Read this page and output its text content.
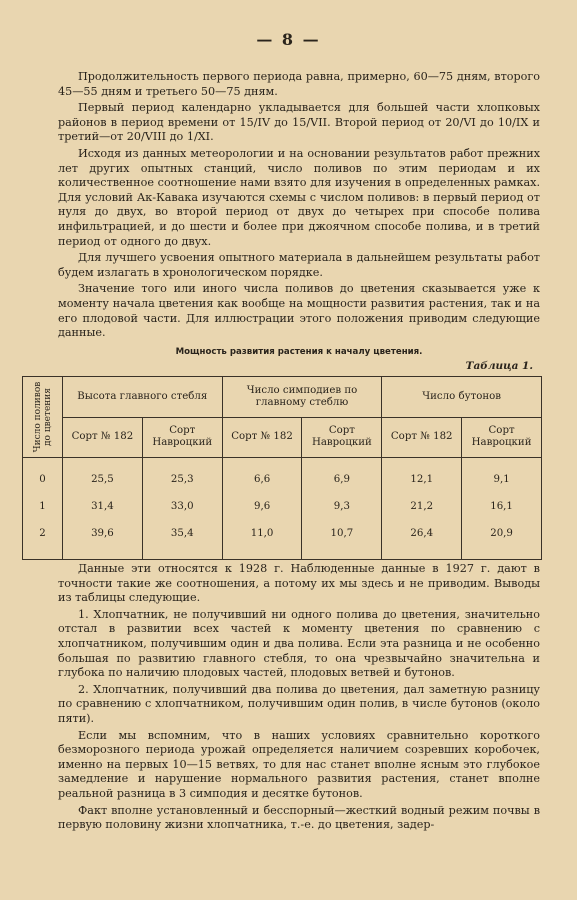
— 8 —

Продолжительность первого периода равна, примерно, 60—75 дням, второго 45—55 дням и третьего 50—75 дням.

Первый период календарно укладывается для большей части хлопковых районов в период времени от 15/IV до 15/VII. Второй период от 20/VI до 10/IX и третий—от 20/VIII до 1/XI.

Исходя из данных метеорологии и на основании результатов работ прежних лет других опытных станций, число поливов по этим периодам и их количественное соотношение нами взято для изучения в определенных рамках. Для условий Ак-Кавака изучаются схемы с числом поливов: в первый период от нуля до двух, во второй период от двух до четырех при способе полива инфильтрацией, и до шести и более при джоячном способе полива, и в третий период от одного до двух.

Для лучшего усвоения опытного материала в дальнейшем результаты работ будем излагать в хронологическом порядке.

Значение того или иного числа поливов до цветения сказывается уже к моменту начала цветения как вообще на мощности развития растения, так и на его плодовой части. Для иллюстрации этого положения приводим следующие данные.

Мощность развития растения к началу цветения.
Таблица 1.
Число поливов до цветения	Высота главного стебля		Число симподиев по главному стеблю		Число бутонов	
	Сорт № 182	Сорт Навроцкий	Сорт № 182	Сорт Навроцкий	Сорт № 182	Сорт Навроцкий
0	25,5	25,3	6,6	6,9	12,1	9,1
1	31,4	33,0	9,6	9,3	21,2	16,1
2	39,6	35,4	11,0	10,7	26,4	20,9

Данные эти относятся к 1928 г. Наблюденные данные в 1927 г. дают в точности такие же соотношения, а потому их мы здесь и не приводим. Выводы из таблицы следующие.

1. Хлопчатник, не получивший ни одного полива до цветения, значительно отстал в развитии всех частей к моменту цветения по сравнению с хлопчатником, получившим один и два полива. Если эта разница и не особенно большая по развитию главного стебля, то она чрезвычайно значительна и глубока по наличию плодовых частей, плодовых ветвей и бутонов.

2. Хлопчатник, получивший два полива до цветения, дал заметную разницу по сравнению с хлопчатником, получившим один полив, в числе бутонов (около пяти).

Если мы вспомним, что в наших условиях сравнительно короткого безморозного периода урожай определяется наличием созревших коробочек, именно на первых 10—15 ветвях, то для нас станет вполне ясным это глубокое замедление и нарушение нормального развития растения, станет вполне реальной разница в 3 симподия и десятке бутонов.

Факт вполне установленный и бесспорный—жесткий водный режим почвы в первую половину жизни хлопчатника, т.-е. до цветения, задер-
